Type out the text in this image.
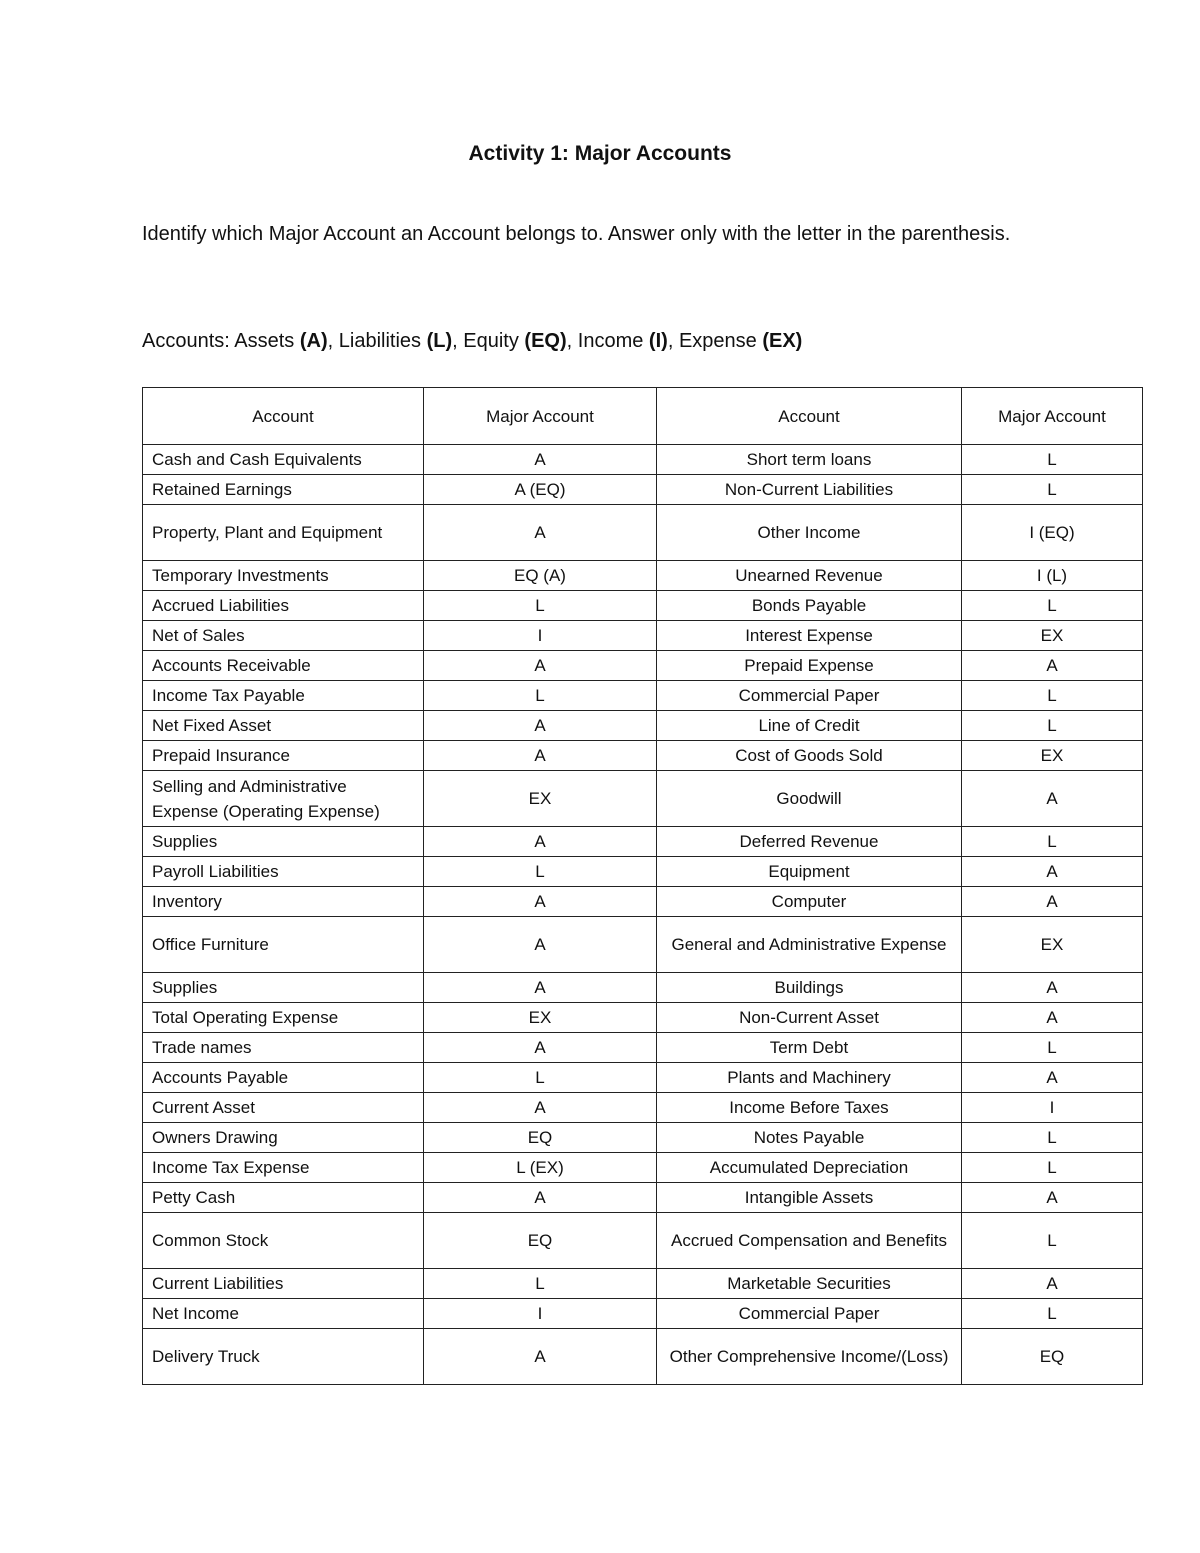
Activity 1: Major Accounts
Identify which Major Account an Account belongs to. Answer only with the letter in the parenthesis.
Accounts: Assets (A), Liabilities (L), Equity (EQ), Income (I), Expense (EX)
Account	Major Account	Account	Major Account
Cash and Cash Equivalents	A	Short term loans	L
Retained Earnings	A (EQ)	Non-Current Liabilities	L
Property, Plant and Equipment	A	Other Income	I (EQ)
Temporary Investments	EQ (A)	Unearned Revenue	I (L)
Accrued Liabilities	L	Bonds Payable	L
Net of Sales	I	Interest Expense	EX
Accounts Receivable	A	Prepaid Expense	A
Income Tax Payable	L	Commercial Paper	L
Net Fixed Asset	A	Line of Credit	L
Prepaid Insurance	A	Cost of Goods Sold	EX
Selling and Administrative Expense (Operating Expense)	EX	Goodwill	A
Supplies	A	Deferred Revenue	L
Payroll Liabilities	L	Equipment	A
Inventory	A	Computer	A
Office Furniture	A	General and Administrative Expense	EX
Supplies	A	Buildings	A
Total Operating Expense	EX	Non-Current Asset	A
Trade names	A	Term Debt	L
Accounts Payable	L	Plants and Machinery	A
Current Asset	A	Income Before Taxes	I
Owners Drawing	EQ	Notes Payable	L
Income Tax Expense	L (EX)	Accumulated Depreciation	L
Petty Cash	A	Intangible Assets	A
Common Stock	EQ	Accrued Compensation and Benefits	L
Current Liabilities	L	Marketable Securities	A
Net Income	I	Commercial Paper	L
Delivery Truck	A	Other Comprehensive Income/(Loss)	EQ
